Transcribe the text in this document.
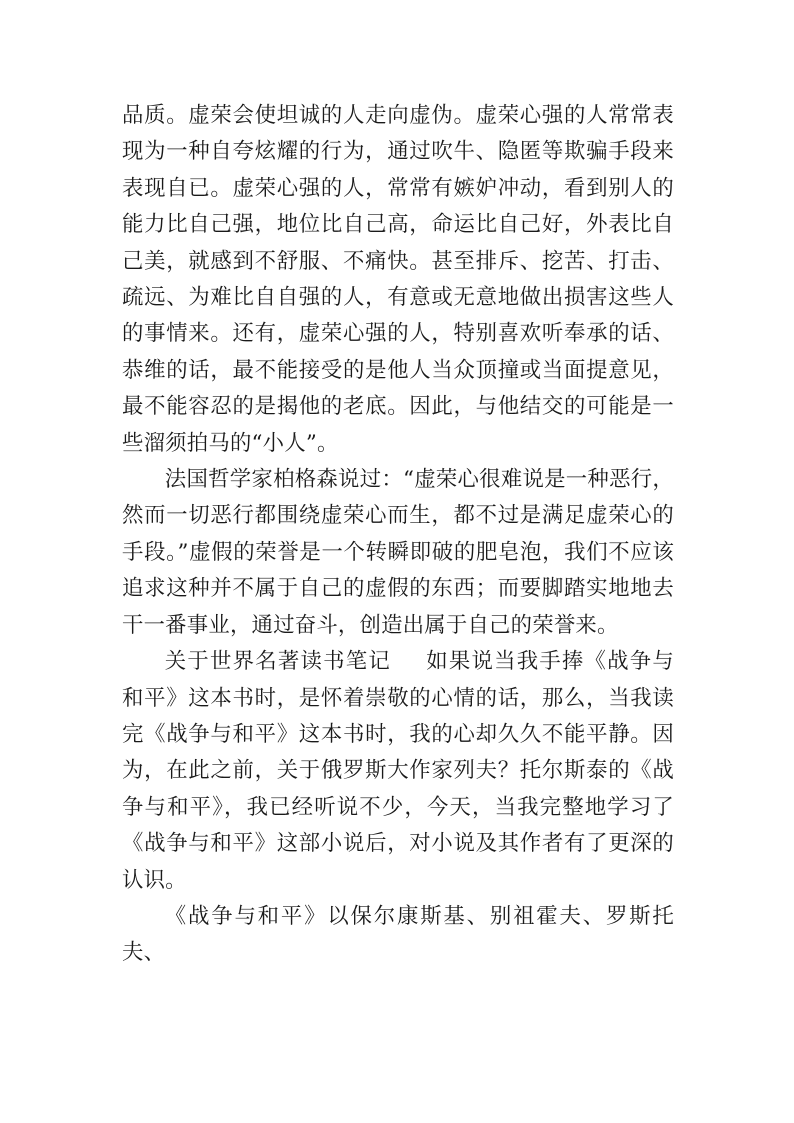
品质。虚荣会使坦诚的人走向虚伪。虚荣心强的人常常表现为一种自夸炫耀的行为，通过吹牛、隐匿等欺骗手段来表现自已。虚荣心强的人，常常有嫉妒冲动，看到别人的能力比自己强，地位比自己高，命运比自己好，外表比自己美，就感到不舒服、不痛快。甚至排斥、挖苦、打击、疏远、为难比自自强的人，有意或无意地做出损害这些人的事情来。还有，虚荣心强的人，特别喜欢听奉承的话、恭维的话，最不能接受的是他人当众顶撞或当面提意见，最不能容忍的是揭他的老底。因此，与他结交的可能是一些溜须拍马的“小人”。

法国哲学家柏格森说过：“虚荣心很难说是一种恶行，然而一切恶行都围绕虚荣心而生，都不过是满足虚荣心的手段。”虚假的荣誉是一个转瞬即破的肥皂泡，我们不应该追求这种并不属于自己的虚假的东西；而要脚踏实地地去干一番事业，通过奋斗，创造出属于自己的荣誉来。

关于世界名著读书笔记 如果说当我手捧《战争与和平》这本书时，是怀着崇敬的心情的话，那么，当我读完《战争与和平》这本书时，我的心却久久不能平静。因为，在此之前，关于俄罗斯大作家列夫？托尔斯泰的《战争与和平》，我已经听说不少，今天，当我完整地学习了《战争与和平》这部小说后，对小说及其作者有了更深的认识。

《战争与和平》以保尔康斯基、别祖霍夫、罗斯托夫、
